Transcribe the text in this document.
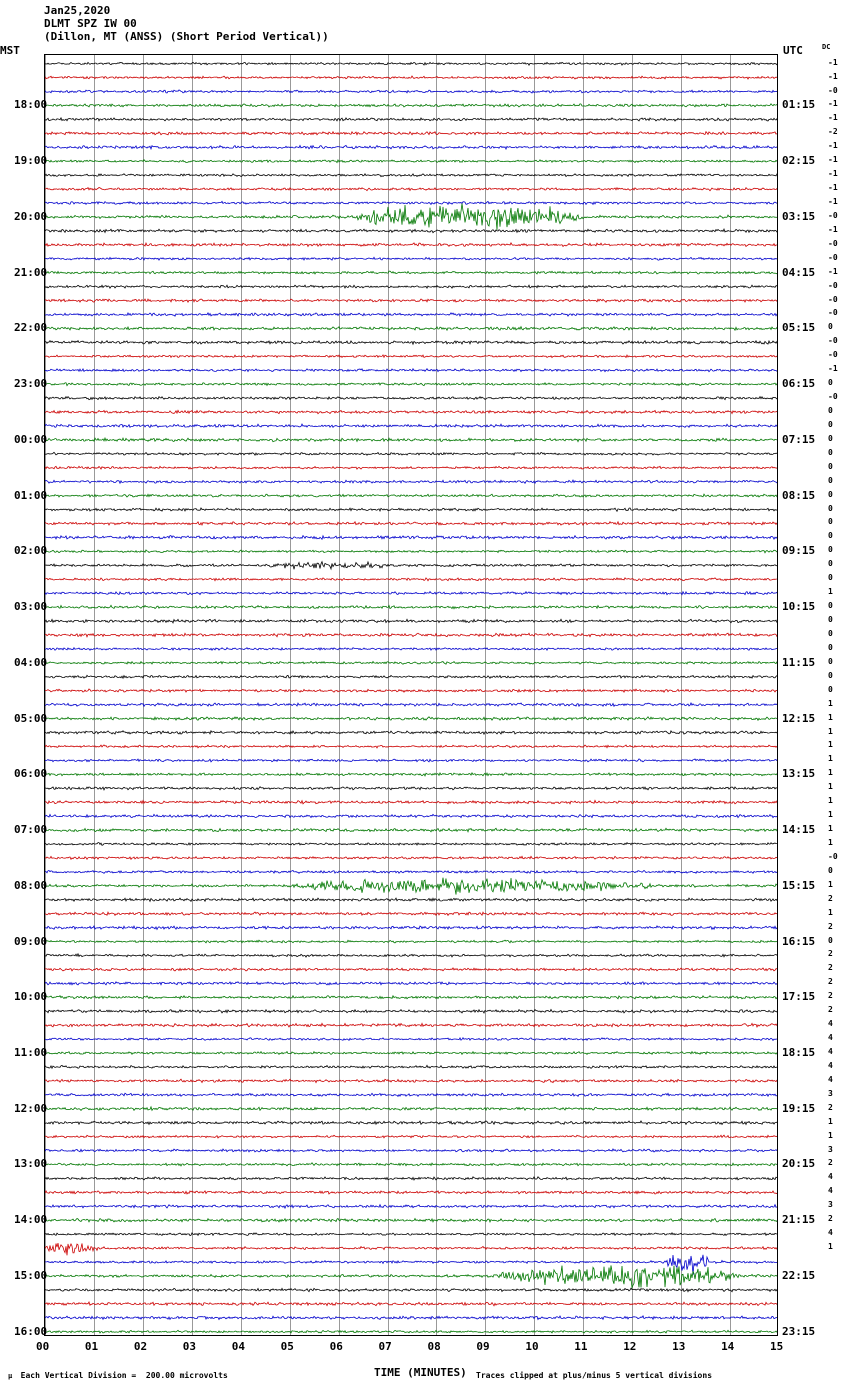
Jan25,2020
DLMT SPZ IW 00
(Dillon, MT (ANSS) (Short Period Vertical))
MST	UTC	DC
18:00
19:00
20:00
21:00
22:00
23:00
00:00
01:00
02:00
03:00
04:00
05:00
06:00
07:00
08:00
09:00
10:00
11:00
12:00
13:00
14:00
15:00
16:00
01:15
02:15
03:15
04:15
05:15
06:15
07:15
08:15
09:15
10:15
11:15
12:15
13:15
14:15
15:15
16:15
17:15
18:15
19:15
20:15
21:15
22:15
23:15
-1
-1
-0
-1
-1
-2
-1
-1
-1
-1
-1
-0
-1
-0
-0
-1
-0
-0
-0
0
-0
-0
-1
0
-0
0
0
0
0
0
0
0
0
0
0
0
0
0
1
0
0
0
0
0
0
0
1
1
1
1
1
1
1
1
1
1
1
-0
0
1
2
1
2
0
2
2
2
2
2
4
4
4
4
4
3
2
1
1
3
2
4
4
3
2
4
1
00	01	02	03	04	05	06	07	08	09	10	11	12	13	14	15
μ  Each Vertical Division =  200.00 microvolts	TIME (MINUTES) Traces clipped at plus/minus 5 vertical divisions
